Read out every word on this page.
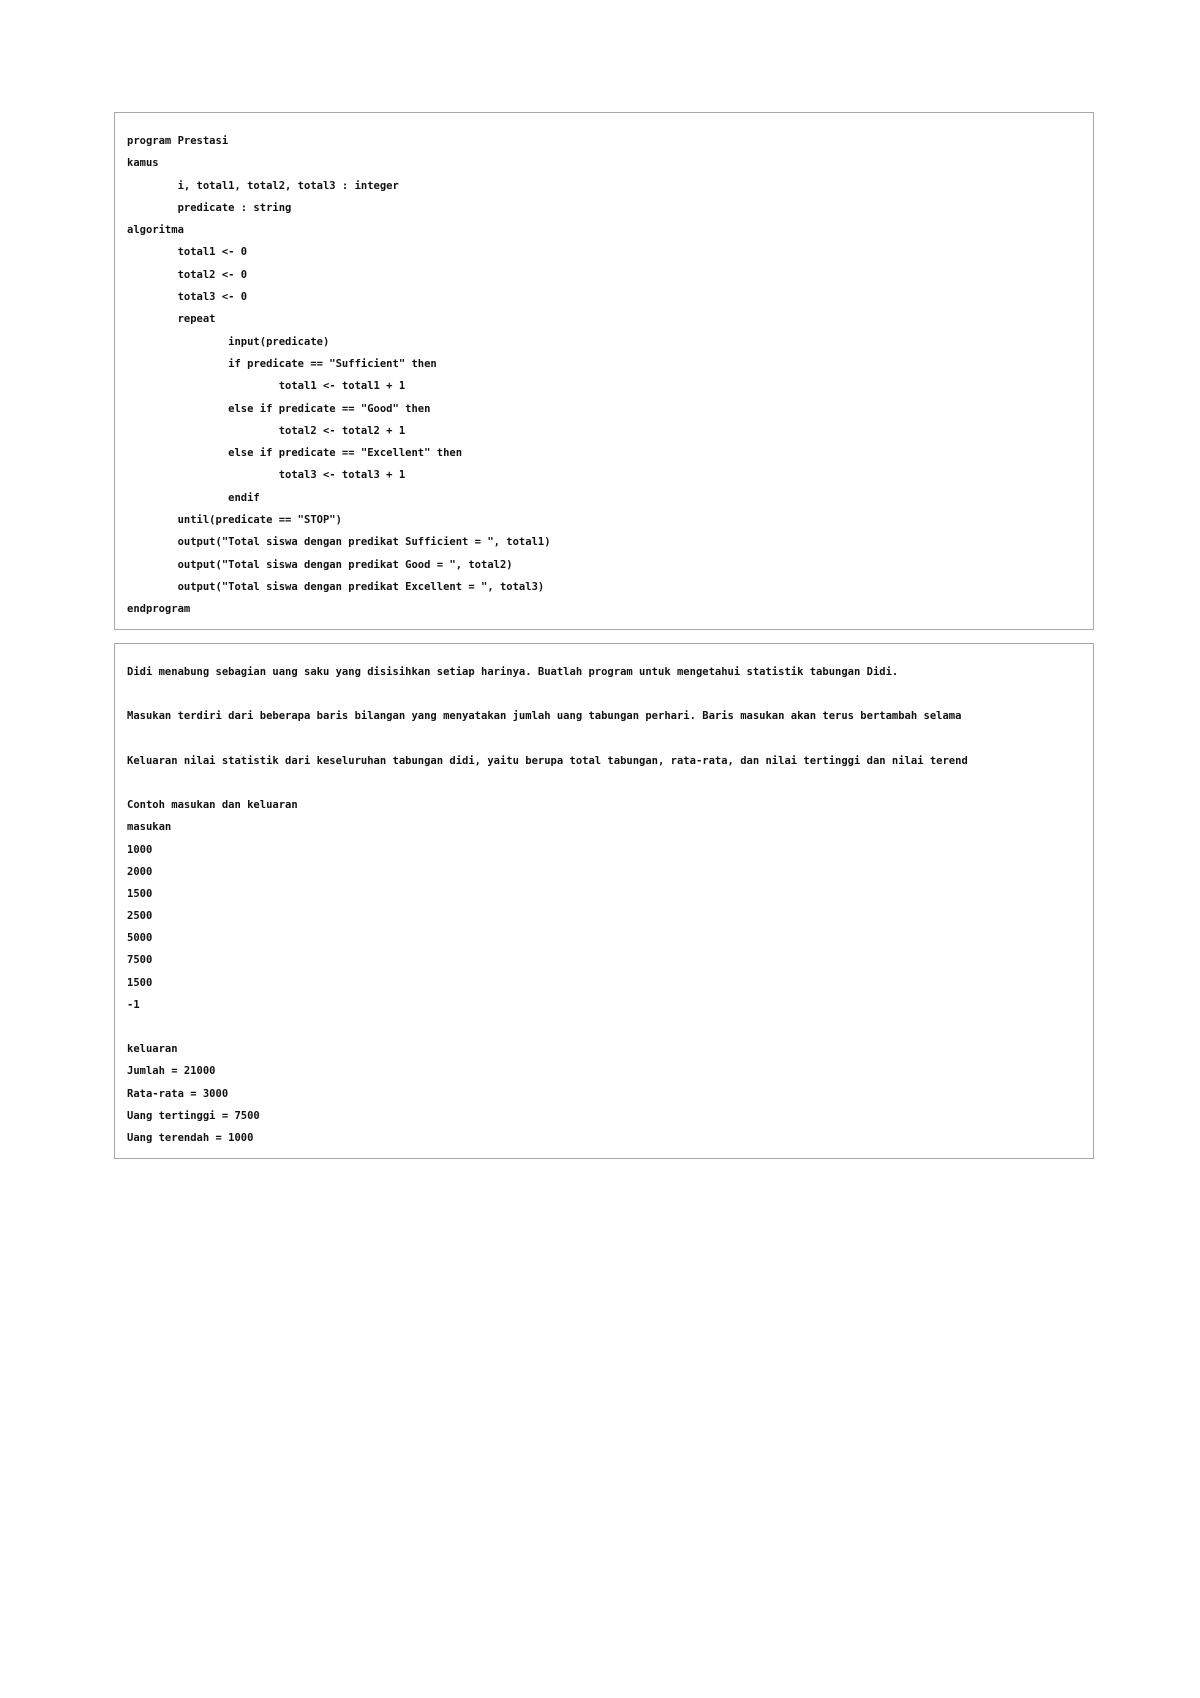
program Prestasi
kamus
i, total1, total2, total3 : integer
predicate : string
algoritma
total1 <- 0
total2 <- 0
total3 <- 0
repeat
input(predicate)
if predicate == "Sufficient" then
total1 <- total1 + 1
else if predicate == "Good" then
total2 <- total2 + 1
else if predicate == "Excellent" then
total3 <- total3 + 1
endif
until(predicate == "STOP")
output("Total siswa dengan predikat Sufficient = ", total1)
output("Total siswa dengan predikat Good = ", total2)
output("Total siswa dengan predikat Excellent = ", total3)
endprogram
Didi menabung sebagian uang saku yang disisihkan setiap harinya. Buatlah program untuk mengetahui statistik tabungan Didi.
Masukan terdiri dari beberapa baris bilangan yang menyatakan jumlah uang tabungan perhari. Baris masukan akan terus bertambah selama
Keluaran nilai statistik dari keseluruhan tabungan didi, yaitu berupa total tabungan, rata-rata, dan nilai tertinggi dan nilai terend
Contoh masukan dan keluaran
masukan
1000
2000
1500
2500
5000
7500
1500
-1
keluaran
Jumlah = 21000
Rata-rata = 3000
Uang tertinggi = 7500
Uang terendah = 1000
